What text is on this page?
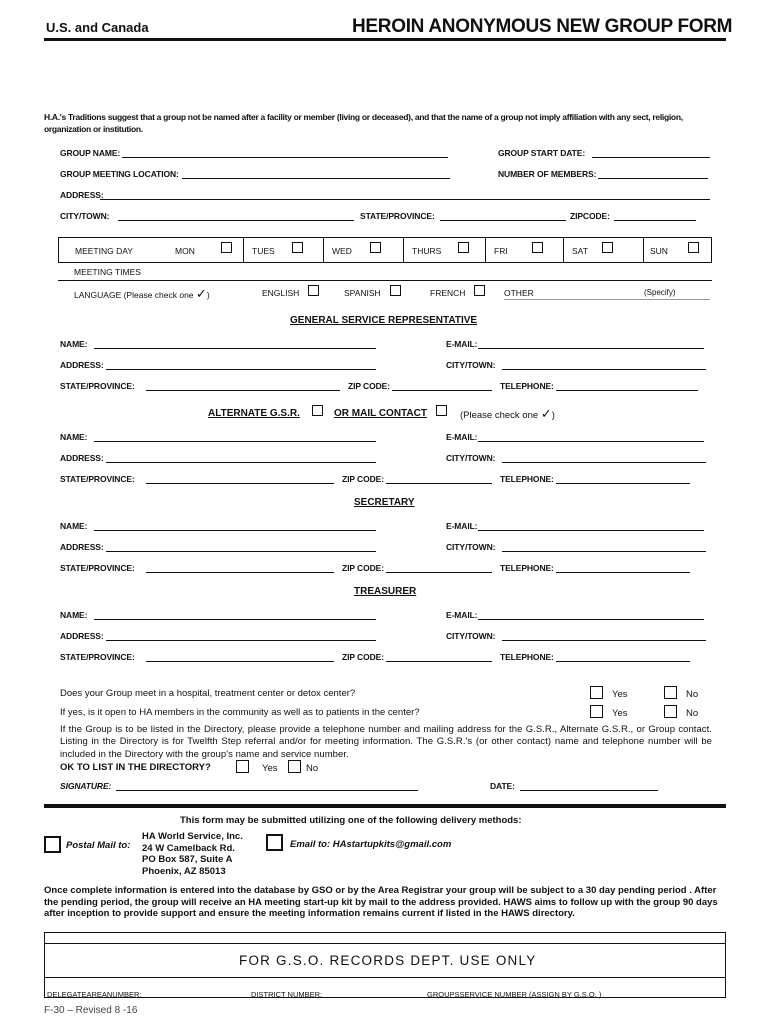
U.S. and Canada	HEROIN ANONYMOUS NEW GROUP FORM
H.A.'s Traditions suggest that a group not be named after a facility or member (living or deceased), and that the name of a group not imply affiliation with any sect, religion, organization or institution.
GROUP NAME:	GROUP START DATE:
GROUP MEETING LOCATION:	NUMBER OF MEMBERS:
ADDRESS:
CITY/TOWN:	STATE/PROVINCE:	ZIPCODE:
MEETING DAY	MON	TUES	WED	THURS	FRI	SAT	SUN
MEETING TIMES
LANGUAGE (Please check one ✓)	ENGLISH	SPANISH	FRENCH	OTHER	(Specify)
GENERAL SERVICE REPRESENTATIVE
NAME:	E-MAIL:
ADDRESS:	CITY/TOWN:
STATE/PROVINCE:	ZIP CODE:	TELEPHONE:
ALTERNATE G.S.R.	OR MAIL CONTACT	(Please check one ✓)
NAME:	E-MAIL:
ADDRESS:	CITY/TOWN:
STATE/PROVINCE:	ZIP CODE:	TELEPHONE:
SECRETARY
NAME:	E-MAIL:
ADDRESS:	CITY/TOWN:
STATE/PROVINCE:	ZIP CODE:	TELEPHONE:
TREASURER
NAME:	E-MAIL:
ADDRESS:	CITY/TOWN:
STATE/PROVINCE:	ZIP CODE:	TELEPHONE:
Does your Group meet in a hospital, treatment center or detox center?	Yes	No
If yes, is it open to HA members in the community as well as to patients in the center?	Yes	No
If the Group is to be listed in the Directory, please provide a telephone number and mailing address for the G.S.R., Alternate G.S.R., or Group contact. Listing in the Directory is for Twelfth Step referral and/or for meeting information. The G.S.R.'s (or other contact) name and telephone number will be included in the Directory with the group's name and service number.
OK TO LIST IN THE DIRECTORY?	Yes	No
SIGNATURE:	DATE:
This form may be submitted utilizing one of the following delivery methods:
Postal Mail to:
HA World Service, Inc.
24 W Camelback Rd.
PO Box 587, Suite A
Phoenix, AZ 85013
Email to: HAstartupkits@gmail.com
Once complete information is entered into the database by GSO or by the Area Registrar your group will be subject to a 30 day pending period . After the pending period, the group will receive an HA meeting start-up kit by mail to the address provided. HAWS aims to follow up with the group 90 days after inception to provide support and ensure the meeting information remains current if listed in the HAWS directory.
FOR G.S.O. RECORDS DEPT. USE ONLY
DELEGATEAREANUMBER:	DISTRICT NUMBER:	GROUPSSERVICE NUMBER (ASSIGN BY G.S.O. )
F-30 – Revised 8 -16
